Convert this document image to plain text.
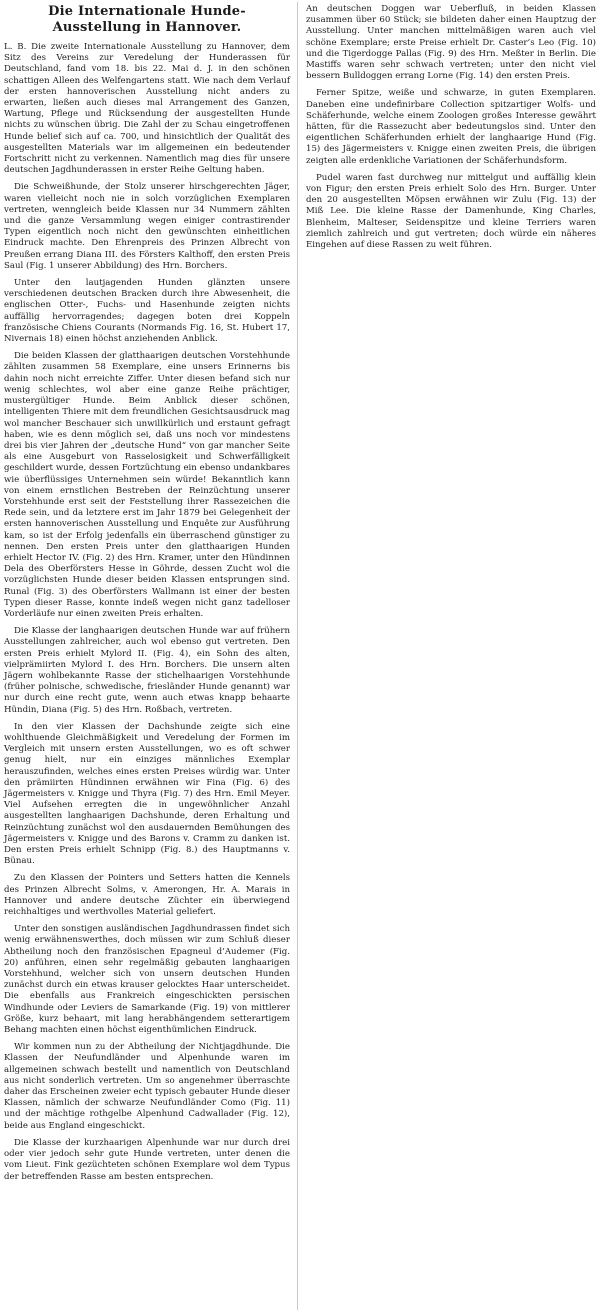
Die Internationale Hunde-Ausstellung in Hannover.

L. B. Die zweite Internationale Ausstellung zu Hannover, dem Sitz des Vereins zur Veredelung der Hunderassen für Deutschland, fand vom 18. bis 22. Mai d. J. in den schönen schattigen Alleen des Welfengartens statt. Wie nach dem Verlauf der ersten hannoverischen Ausstellung nicht anders zu erwarten, ließen auch dieses mal Arrangement des Ganzen, Wartung, Pflege und Rücksendung der ausgestellten Hunde nichts zu wünschen übrig. Die Zahl der zu Schau eingetroffenen Hunde belief sich auf ca. 700, und hinsichtlich der Qualität des ausgestellten Materials war im allgemeinen ein bedeutender Fortschritt nicht zu verkennen. Namentlich mag dies für unsere deutschen Jagdhunderassen in erster Reihe Geltung haben.

Die Schweißhunde, der Stolz unserer hirschgerechten Jäger, waren vielleicht noch nie in solch vorzüglichen Exemplaren vertreten, wenngleich beide Klassen nur 34 Nummern zählten und die ganze Versammlung wegen einiger contrastirender Typen eigentlich noch nicht den gewünschten einheitlichen Eindruck machte. Den Ehrenpreis des Prinzen Albrecht von Preußen errang Diana III. des Försters Kalthoff, den ersten Preis Saul (Fig. 1 unserer Abbildung) des Hrn. Borchers.

Unter den lautjagenden Hunden glänzten unsere verschiedenen deutschen Bracken durch ihre Abwesenheit, die englischen Otter-, Fuchs- und Hasenhunde zeigten nichts auffällig hervorragendes; dagegen boten drei Koppeln französische Chiens Courants (Normands Fig. 16, St. Hubert 17, Nivernais 18) einen höchst anziehenden Anblick.

Die beiden Klassen der glatthaarigen deutschen Vorstehhunde zählten zusammen 58 Exemplare, eine unsers Erinnerns bis dahin noch nicht erreichte Ziffer. Unter diesen befand sich nur wenig schlechtes, wol aber eine ganze Reihe prächtiger, mustergültiger Hunde. Beim Anblick dieser schönen, intelligenten Thiere mit dem freundlichen Gesichtsausdruck mag wol mancher Beschauer sich unwillkürlich und erstaunt gefragt haben, wie es denn möglich sei, daß uns noch vor mindestens drei bis vier Jahren der „deutsche Hund“ von gar mancher Seite als eine Ausgeburt von Rasselosigkeit und Schwerfälligkeit geschildert wurde, dessen Fortzüchtung ein ebenso undankbares wie überflüssiges Unternehmen sein würde! Bekanntlich kann von einem ernstlichen Bestreben der Reinzüchtung unserer Vorstehhunde erst seit der Feststellung ihrer Rassezeichen die Rede sein, und da letztere erst im Jahr 1879 bei Gelegenheit der ersten hannoverischen Ausstellung und Enquête zur Ausführung kam, so ist der Erfolg jedenfalls ein überraschend günstiger zu nennen. Den ersten Preis unter den glatthaarigen Hunden erhielt Hector IV. (Fig. 2) des Hrn. Kramer, unter den Hündinnen Dela des Oberförsters Hesse in Göhrde, dessen Zucht wol die vorzüglichsten Hunde dieser beiden Klassen entsprungen sind. Runal (Fig. 3) des Oberförsters Wallmann ist einer der besten Typen dieser Rasse, konnte indeß wegen nicht ganz tadelloser Vorderläufe nur einen zweiten Preis erhalten.

Die Klasse der langhaarigen deutschen Hunde war auf frühern Ausstellungen zahlreicher, auch wol ebenso gut vertreten. Den ersten Preis erhielt Mylord II. (Fig. 4), ein Sohn des alten, vielprämiirten Mylord I. des Hrn. Borchers. Die unsern alten Jägern wohlbekannte Rasse der stichelhaarigen Vorstehhunde (früher polnische, schwedische, friesländer Hunde genannt) war nur durch eine recht gute, wenn auch etwas knapp behaarte Hündin, Diana (Fig. 5) des Hrn. Roßbach, vertreten.

In den vier Klassen der Dachshunde zeigte sich eine wohlthuende Gleichmäßigkeit und Veredelung der Formen im Vergleich mit unsern ersten Ausstellungen, wo es oft schwer genug hielt, nur ein einziges männliches Exemplar herauszufinden, welches eines ersten Preises würdig war. Unter den prämiirten Hündinnen erwähnen wir Fina (Fig. 6) des Jägermeisters v. Knigge und Thyra (Fig. 7) des Hrn. Emil Meyer. Viel Aufsehen erregten die in ungewöhnlicher Anzahl ausgestellten langhaarigen Dachshunde, deren Erhaltung und Reinzüchtung zunächst wol den ausdauernden Bemühungen des Jägermeisters v. Knigge und des Barons v. Cramm zu danken ist. Den ersten Preis erhielt Schnipp (Fig. 8.) des Hauptmanns v. Bünau.

Zu den Klassen der Pointers und Setters hatten die Kennels des Prinzen Albrecht Solms, v. Amerongen, Hr. A. Marais in Hannover und andere deutsche Züchter ein überwiegend reichhaltiges und werthvolles Material geliefert.

Unter den sonstigen ausländischen Jagdhundrassen findet sich wenig erwähnenswerthes, doch müssen wir zum Schluß dieser Abtheilung noch den französischen Epagneul d’Audemer (Fig. 20) anführen, einen sehr regelmäßig gebauten langhaarigen Vorstehhund, welcher sich von unsern deutschen Hunden zunächst durch ein etwas krauser gelocktes Haar unterscheidet. Die ebenfalls aus Frankreich eingeschickten persischen Windhunde oder Leviers de Samarkande (Fig. 19) von mittlerer Größe, kurz behaart, mit lang herabhängendem setterartigem Behang machten einen höchst eigenthümlichen Eindruck.

Wir kommen nun zu der Abtheilung der Nichtjagdhunde. Die Klassen der Neufundländer und Alpenhunde waren im allgemeinen schwach bestellt und namentlich von Deutschland aus nicht sonderlich vertreten. Um so angenehmer überraschte daher das Erscheinen zweier echt typisch gebauter Hunde dieser Klassen, nämlich der schwarze Neufundländer Como (Fig. 11) und der mächtige rothgelbe Alpenhund Cadwallader (Fig. 12), beide aus England eingeschickt.

Die Klasse der kurzhaarigen Alpenhunde war nur durch drei oder vier jedoch sehr gute Hunde vertreten, unter denen die vom Lieut. Fink gezüchteten schönen Exemplare wol dem Typus der betreffenden Rasse am besten entsprechen.

An deutschen Doggen war Ueberfluß, in beiden Klassen zusammen über 60 Stück; sie bildeten daher einen Hauptzug der Ausstellung. Unter manchen mittelmäßigen waren auch viel schöne Exemplare; erste Preise erhielt Dr. Caster’s Leo (Fig. 10) und die Tigerdogge Pallas (Fig. 9) des Hrn. Meßter in Berlin. Die Mastiffs waren sehr schwach vertreten; unter den nicht viel bessern Bulldoggen errang Lorne (Fig. 14) den ersten Preis.

Ferner Spitze, weiße und schwarze, in guten Exemplaren. Daneben eine undefinirbare Collection spitzartiger Wolfs- und Schäferhunde, welche einem Zoologen großes Interesse gewährt hätten, für die Rassezucht aber bedeutungslos sind. Unter den eigentlichen Schäferhunden erhielt der langhaarige Hund (Fig. 15) des Jägermeisters v. Knigge einen zweiten Preis, die übrigen zeigten alle erdenkliche Variationen der Schäferhundsform.

Pudel waren fast durchweg nur mittelgut und auffällig klein von Figur; den ersten Preis erhielt Solo des Hrn. Burger. Unter den 20 ausgestellten Möpsen erwähnen wir Zulu (Fig. 13) der Miß Lee. Die kleine Rasse der Damenhunde, King Charles, Blenheim, Malteser, Seidenspitze und kleine Terriers waren ziemlich zahlreich und gut vertreten; doch würde ein näheres Eingehen auf diese Rassen zu weit führen.
